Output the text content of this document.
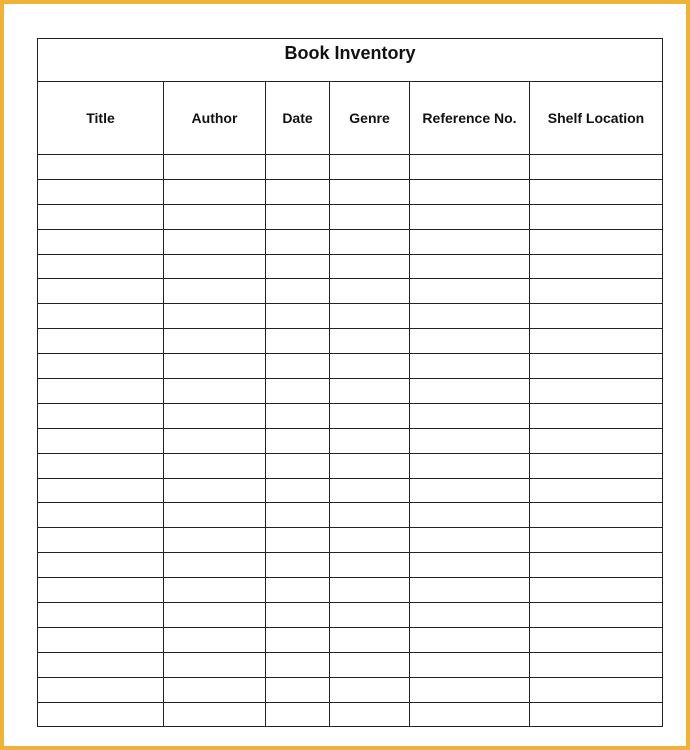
Book Inventory					
Title	Author	Date	Genre	Reference No.	Shelf Location
